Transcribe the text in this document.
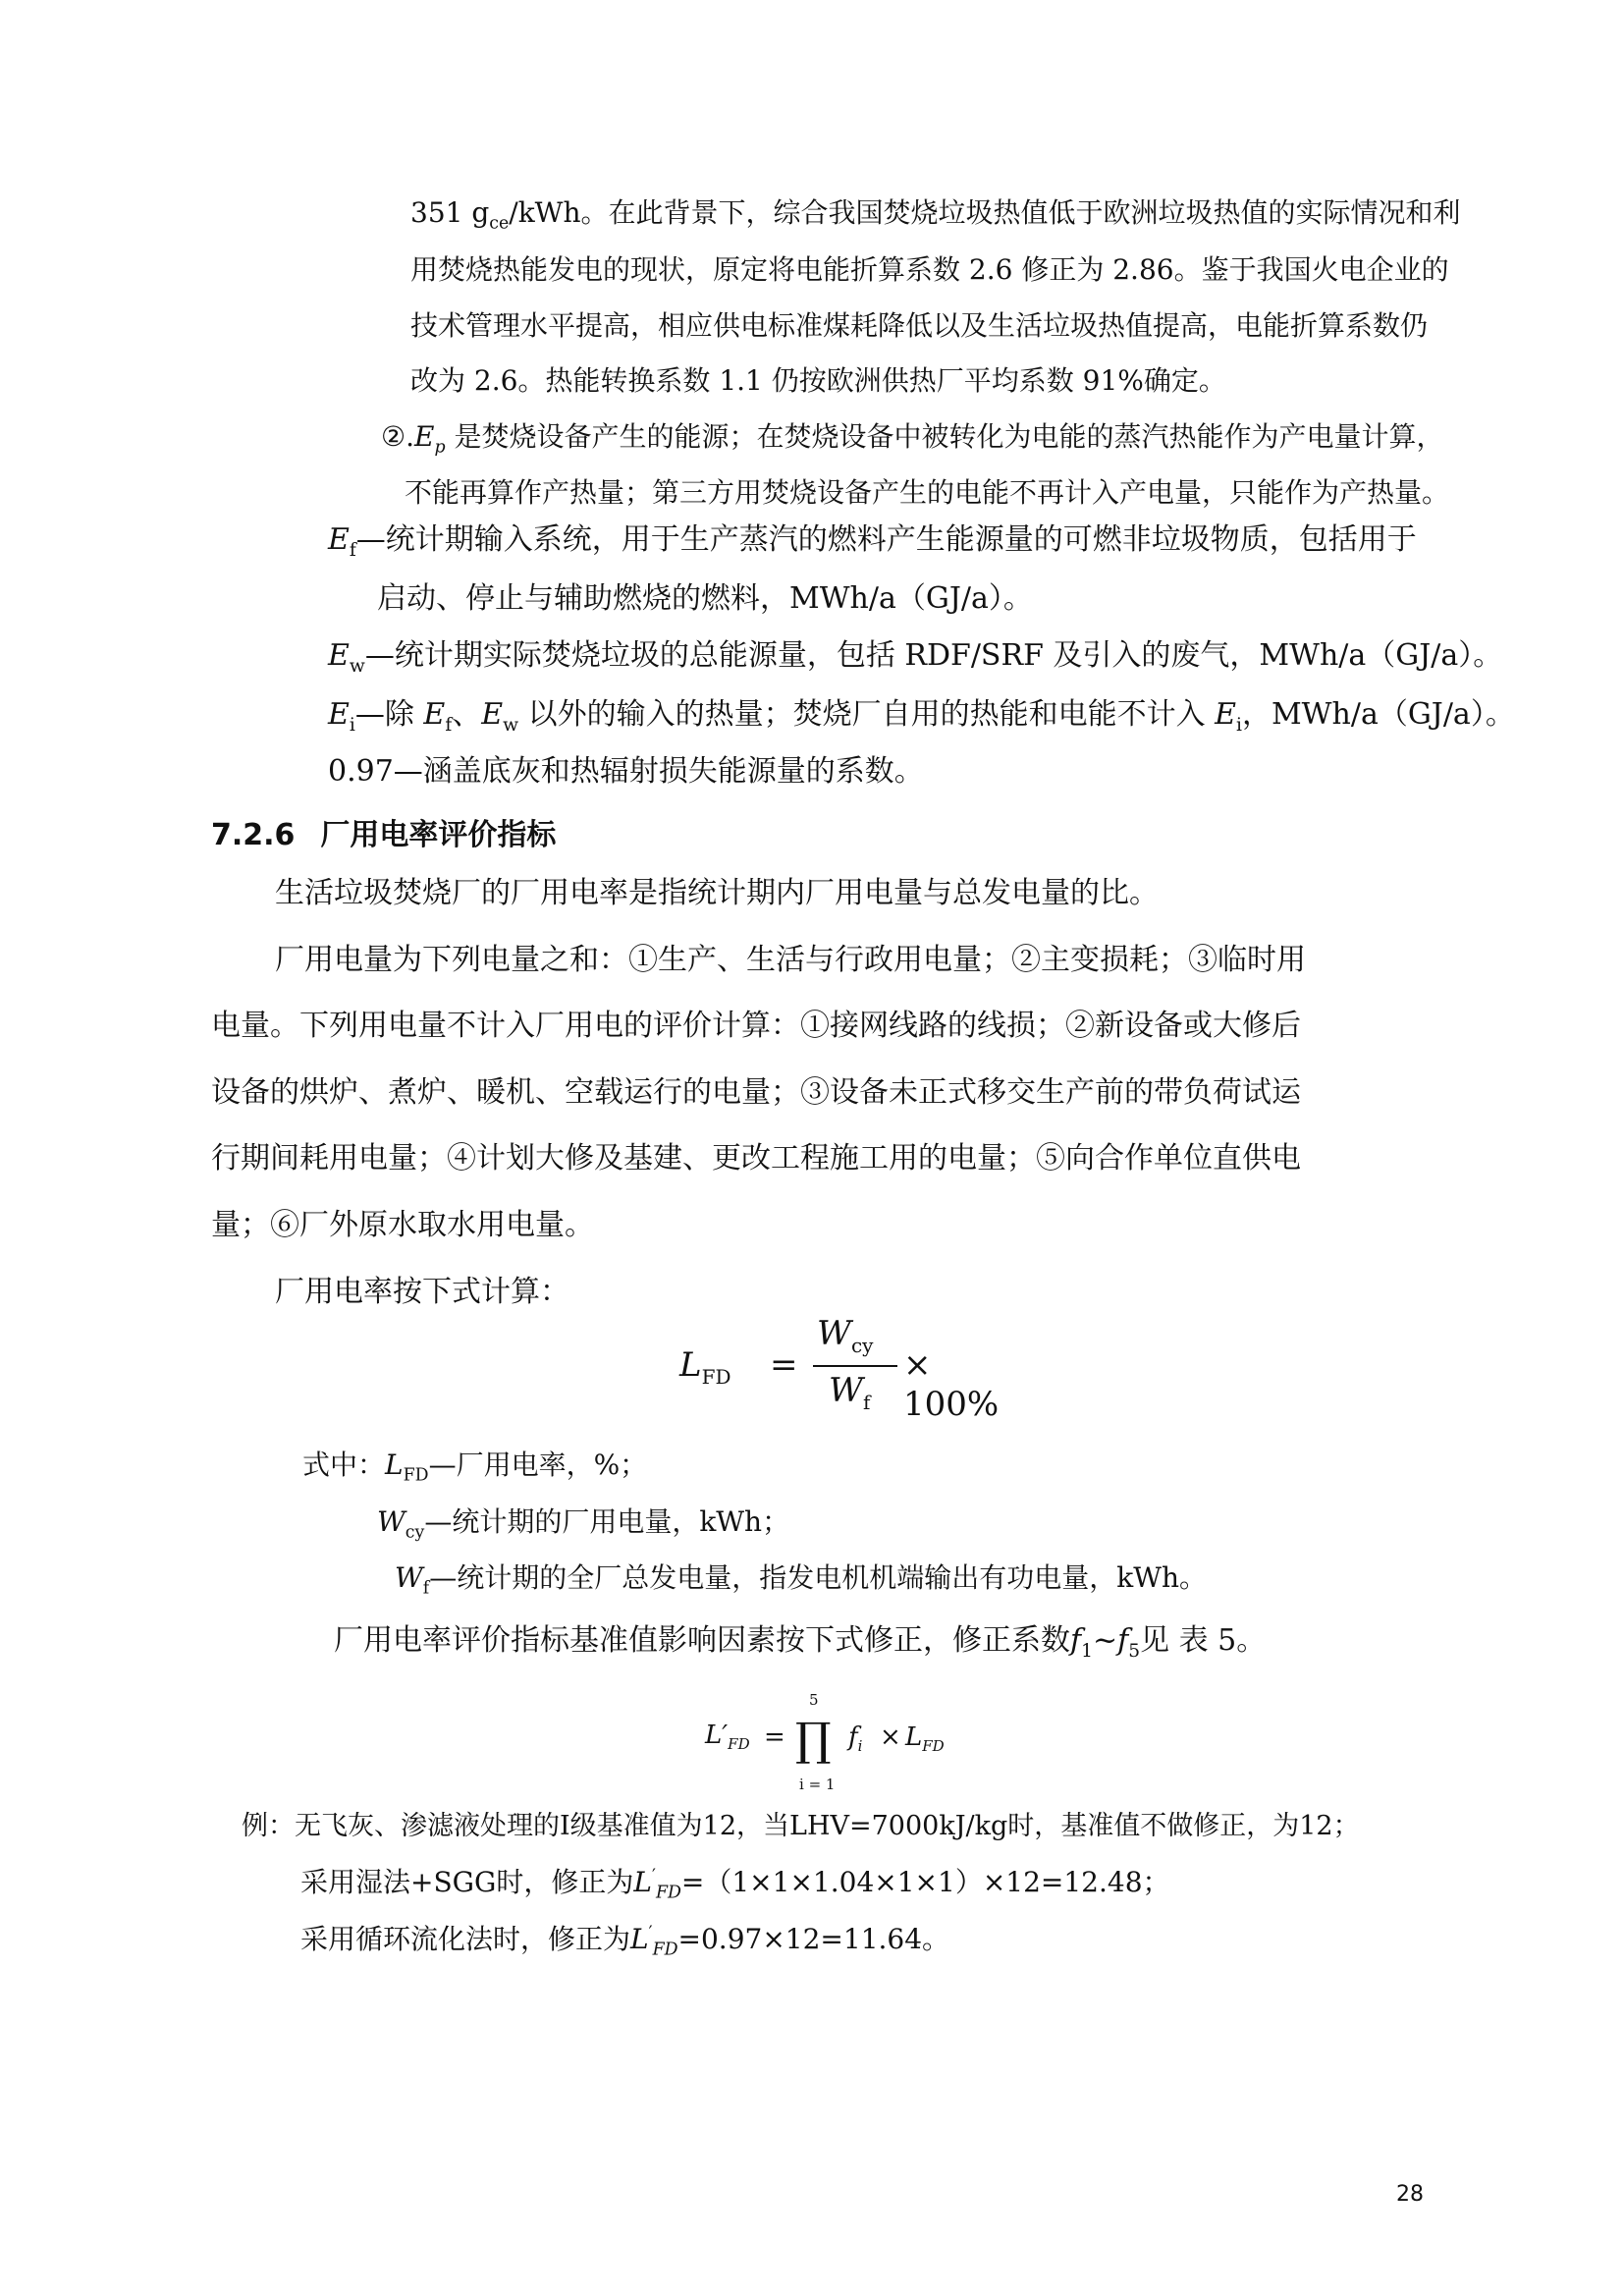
351 $g_{ce}$/kWh。在此背景下，综合我国焚烧垃圾热值低于欧洲垃圾热值的实际情况和利
用焚烧热能发电的现状，原定将电能折算系数 2.6 修正为 2.86。鉴于我国火电企业的
技术管理水平提高，相应供电标准煤耗降低以及生活垃圾热值提高，电能折算系数仍
改为 2.6。热能转换系数 1.1 仍按欧洲供热厂平均系数 91%确定。
$②.E_p$ 是焚烧设备产生的能源；在焚烧设备中被转化为电能的蒸汽热能作为产电量计算，
不能再算作产热量；第三方用焚烧设备产生的电能不再计入产电量，只能作为产热量。
$E_f—$统计期输入系统，用于生产蒸汽的燃料产生能源量的可燃非垃圾物质，包括用于
启动、停止与辅助燃烧的燃料，MWh/a（GJ/a）。
$E_w—$统计期实际焚烧垃圾的总能源量，包括 RDF/SRF 及引入的废气，MWh/a（GJ/a）。
$E_i—$除 $E_f$、$E_w$ 以外的输入的热量；焚烧厂自用的热能和电能不计入 $E_i$，MWh/a（GJ/a）。
0.97—涵盖底灰和热辐射损失能源量的系数。
7.2.6 厂用电率评价指标
生活垃圾焚烧厂的厂用电率是指统计期内厂用电量与总发电量的比。
厂用电量为下列电量之和：①生产、生活与行政用电量；②主变损耗；③临时用
电量。下列用电量不计入厂用电的评价计算：①接网线路的线损；②新设备或大修后
设备的烘炉、煮炉、暖机、空载运行的电量；③设备未正式移交生产前的带负荷试运
行期间耗用电量；④计划大修及基建、更改工程施工用的电量；⑤向合作单位直供电
量；⑥厂外原水取水用电量。
厂用电率按下式计算：
$L_{FD}$ =
$W_{cy}$
$W_f$
× 100%
式中：$L_{FD}—$厂用电率，%；
$W_{cy}—$统计期的厂用电量，kWh；
$W_f—$统计期的全厂总发电量，指发电机机端输出有功电量，kWh。
厂用电率评价指标基准值影响因素按下式修正，修正系数$f_1\sim f_5$见 表 5。
$L'_{FD}$ =
5
∏
i = 1
$f_i \times L_{FD}$
例：无飞灰、渗滤液处理的I级基准值为12，当LHV=7000kJ/kg时，基准值不做修正，为12；
采用湿法+SGG时，修正为$L'_{FD}=(1\times 1\times 1.04\times 1\times 1)\times 12=12.48$；
采用循环流化法时，修正为$L'_{FD}=0.97\times 12=11.64$。
28
